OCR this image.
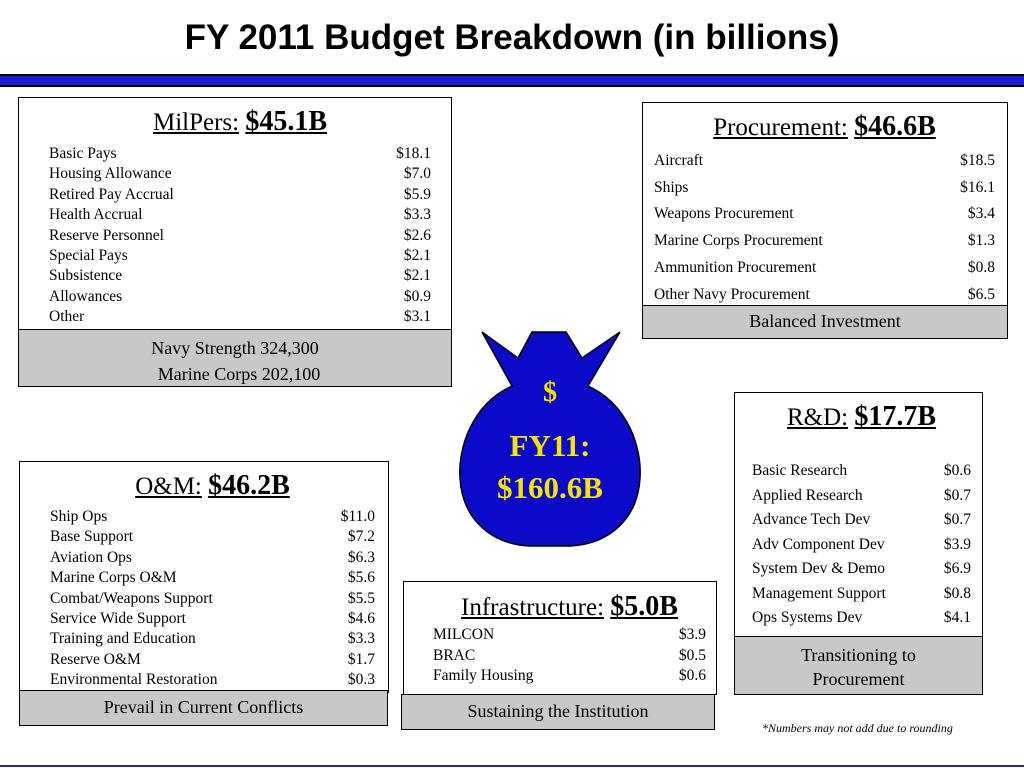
FY 2011 Budget Breakdown (in billions)
MilPers: $45.1B
Basic Pays	$18.1
Housing Allowance	$7.0
Retired Pay Accrual	$5.9
Health Accrual	$3.3
Reserve Personnel	$2.6
Special Pays	$2.1
Subsistence	$2.1
Allowances	$0.9
Other	$3.1
Navy Strength 324,300
Marine Corps 202,100
Procurement: $46.6B
Aircraft	$18.5
Ships	$16.1
Weapons Procurement	$3.4
Marine Corps Procurement	$1.3
Ammunition Procurement	$0.8
Other Navy Procurement	$6.5
Balanced Investment
$
FY11:
$160.6B
R&D: $17.7B
Basic Research	$0.6
Applied Research	$0.7
Advance Tech Dev	$0.7
Adv Component Dev	$3.9
System Dev & Demo	$6.9
Management Support	$0.8
Ops Systems Dev	$4.1
Transitioning to
Procurement
O&M: $46.2B
Ship Ops	$11.0
Base Support	$7.2
Aviation Ops	$6.3
Marine Corps O&M	$5.6
Combat/Weapons Support	$5.5
Service Wide Support	$4.6
Training and Education	$3.3
Reserve O&M	$1.7
Environmental Restoration	$0.3
Prevail in Current Conflicts
Infrastructure: $5.0B
MILCON	$3.9
BRAC	$0.5
Family Housing	$0.6
Sustaining the Institution
*Numbers may not add due to rounding
